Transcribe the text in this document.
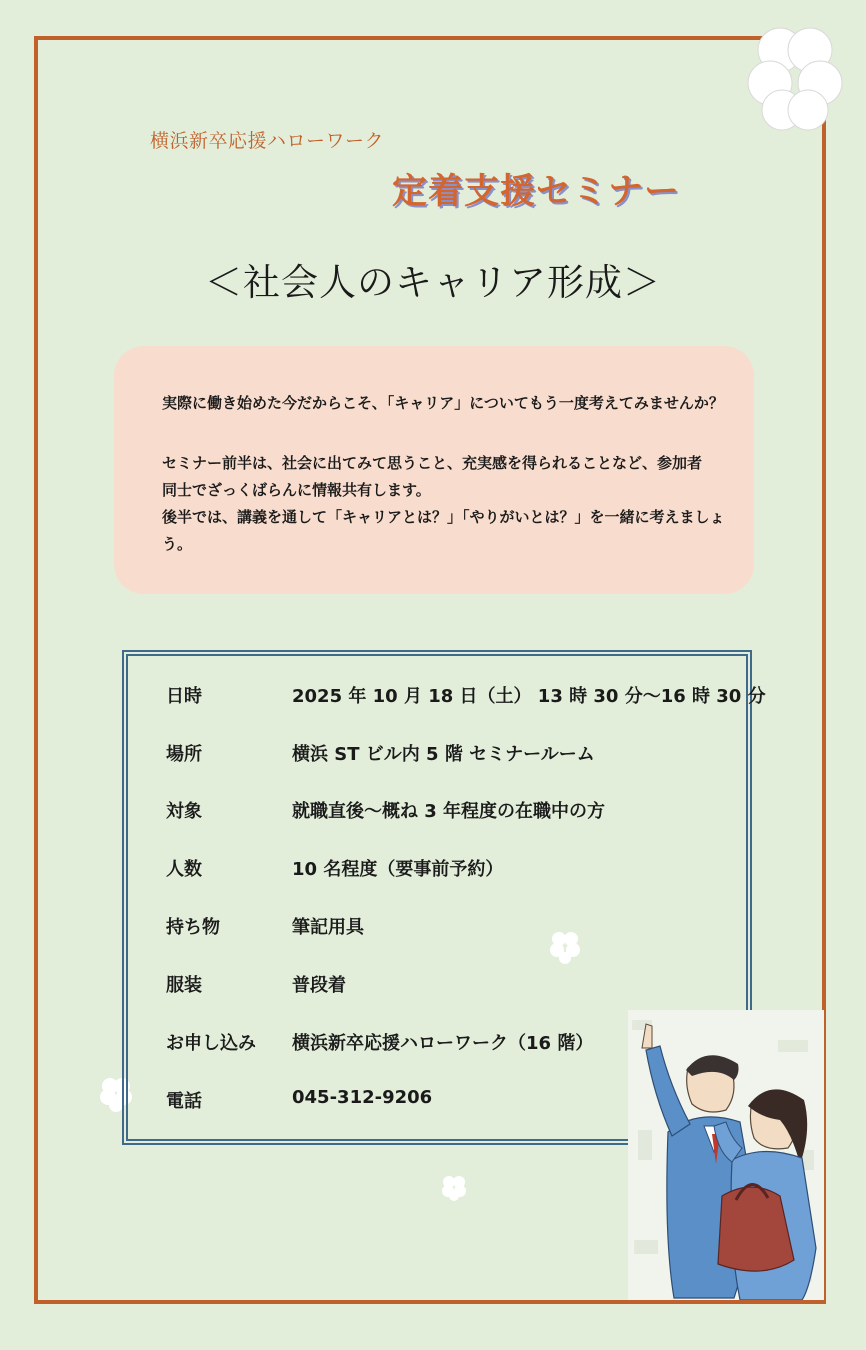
横浜新卒応援ハローワーク
定着支援セミナー
＜社会人のキャリア形成＞

実際に働き始めた今だからこそ、「キャリア」についてもう一度考えてみませんか？

セミナー前半は、社会に出てみて思うこと、充実感を得られることなど、参加者

同士でざっくばらんに情報共有します。

後半では、講義を通して「キャリアとは？」「やりがいとは？」を一緒に考えましょう。

日時	2025 年 10 月 18 日（土） 13 時 30 分～16 時 30 分
場所	横浜 ST ビル内 5 階 セミナールーム
対象	就職直後～概ね 3 年程度の在職中の方
人数	10 名程度（要事前予約）
持ち物	筆記用具
服装	普段着
お申し込み 横浜新卒応援ハローワーク（16 階）
電話	045-312-9206
